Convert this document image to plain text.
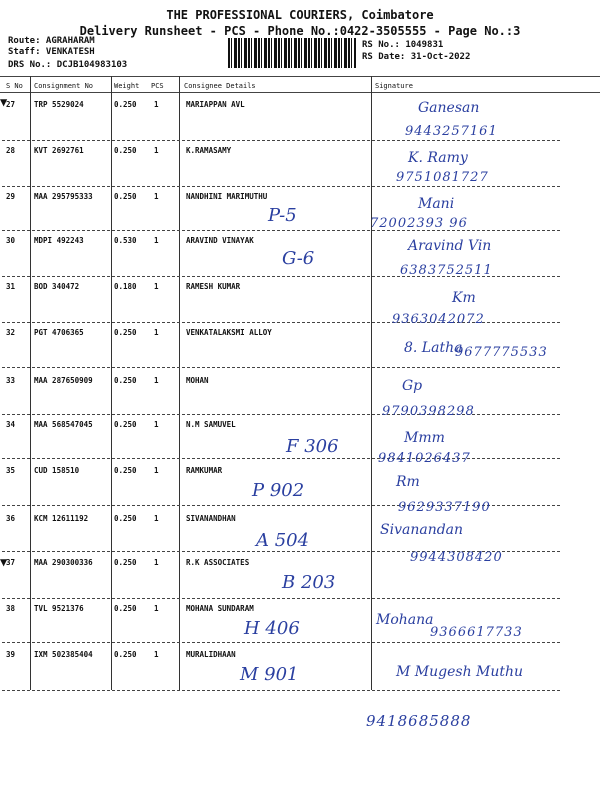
THE PROFESSIONAL COURIERS, Coimbatore
Delivery Runsheet - PCS - Phone No.:0422-3505555 - Page No.:3
Route: AGRAHARAM
Staff: VENKATESH
DRS No.: DCJB104983103
RS No.: 1049831
RS Date: 31-Oct-2022
S No Consignment No	Weight PCS	Consignee Details	Signature
27	TRP 5529024	0.250 1	MARIAPPAN AVL
28	KVT 2692761	0.250 1	K.RAMASAMY
29	MAA 295795333	0.250 1	NANDHINI MARIMUTHU
30	MDPI 492243	0.530 1	ARAVIND VINAYAK
31	BOD 340472	0.180 1	RAMESH KUMAR
32	PGT 4706365	0.250 1	VENKATALAKSMI ALLOY
33	MAA 287650909	0.250 1	MOHAN
34	MAA 568547045	0.250 1	N.M SAMUVEL
35	CUD 158510	0.250 1	RAMKUMAR
36	KCM 12611192	0.250 1	SIVANANDHAN
37	MAA 290300336	0.250 1	R.K ASSOCIATES
38	TVL 9521376	0.250 1	MOHANA SUNDARAM
39	IXM 502385404	0.250 1	MURALIDHAAN
▼
▼
Ganesan
9443257161
K. Ramy
9751081727
P-5
Mani
72002393 96
G-6
Aravind Vin
6383752511
Km
9363042072
8. Latha
9677775533
Gp
9790398298
F 306	Mmm
9841026437
P 902	Rm
9629337190
A 504	Sivanandan
B 203
9944308420
H 406	Mohana
9366617733
M 901	M Mugesh Muthu
9418685888
